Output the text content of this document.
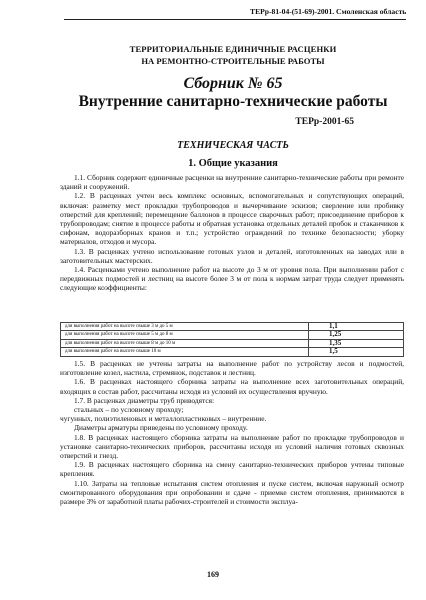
ТЕРр-81-04-(51-69)-2001. Смоленская область
ТЕРРИТОРИАЛЬНЫЕ ЕДИНИЧНЫЕ РАСЦЕНКИ
НА РЕМОНТНО-СТРОИТЕЛЬНЫЕ РАБОТЫ
Сборник № 65
Внутренние санитарно-технические работы
ТЕРр-2001-65
ТЕХНИЧЕСКАЯ ЧАСТЬ
1. Общие указания

1.1. Сборник содержит единичные расценки на внутренние санитарно-технические работы при ремонте зданий и сооружений.

1.2. В расценках учтен весь комплекс основных, вспомогательных и сопутствующих операций, включая: разметку мест прокладки трубопроводов и вычерчивание эскизов; сверление или пробивку отверстий для креплений; перемещение баллонов в процессе сварочных работ; присоединение приборов к трубопроводам; снятие в процессе работы и обратная установка отдельных деталей пробок и стаканчиков к сифонам, водоразборных кранов и т.п.; устройство ограждений по технике безопасности; уборку материалов, отходов и мусора.

1.3. В расценках учтено использование готовых узлов и деталей, изготовленных на заводах или в заготовительных мастерских.

1.4. Расценками учтено выполнение работ на высоте до 3 м от уровня пола. При выполнении работ с передвижных подмостей и лестниц на высоте более 3 м от пола к нормам затрат труда следует применять следующие коэффициенты:

для выполнения работ на высоте свыше 3 м до 5 м	1,1
для выполнения работ на высоте свыше 5 м до 8 м	1,25
для выполнения работ на высоте свыше 8 м до 10 м	1,35
для выполнения работ на высоте свыше 10 м	1,5

1.5. В расценках не учтены затраты на выполнение работ по устройству лесов и подмостей, изготовление козел, настила, стремянок, подставок и лестниц.

1.6. В расценках настоящего сборника затраты на выполнение всех заготовительных операций, входящих в состав работ, рассчитаны исходя из условий их осуществления вручную.

1.7. В расценках диаметры труб приводятся:

стальных – по условному проходу;

чугунных, полиэтиленовых и металлопластиковых – внутренние.

Диаметры арматуры приведены по условному проходу.

1.8. В расценках настоящего сборника затраты на выполнение работ по прокладке трубопроводов и установке санитарно-технических приборов, рассчитаны исходя из условий наличия готовых сквозных отверстий и гнезд.

1.9. В расценках настоящего сборника на смену санитарно-технических приборов учтены типовые крепления.

1.10. Затраты на тепловые испытания систем отопления и пуске систем, включая наружный осмотр смонтированного оборудования при опробовании и сдаче - приемке систем отопления, принимаются в размере 3% от заработной платы рабочих-строителей и стоимости эксплуа-

169
